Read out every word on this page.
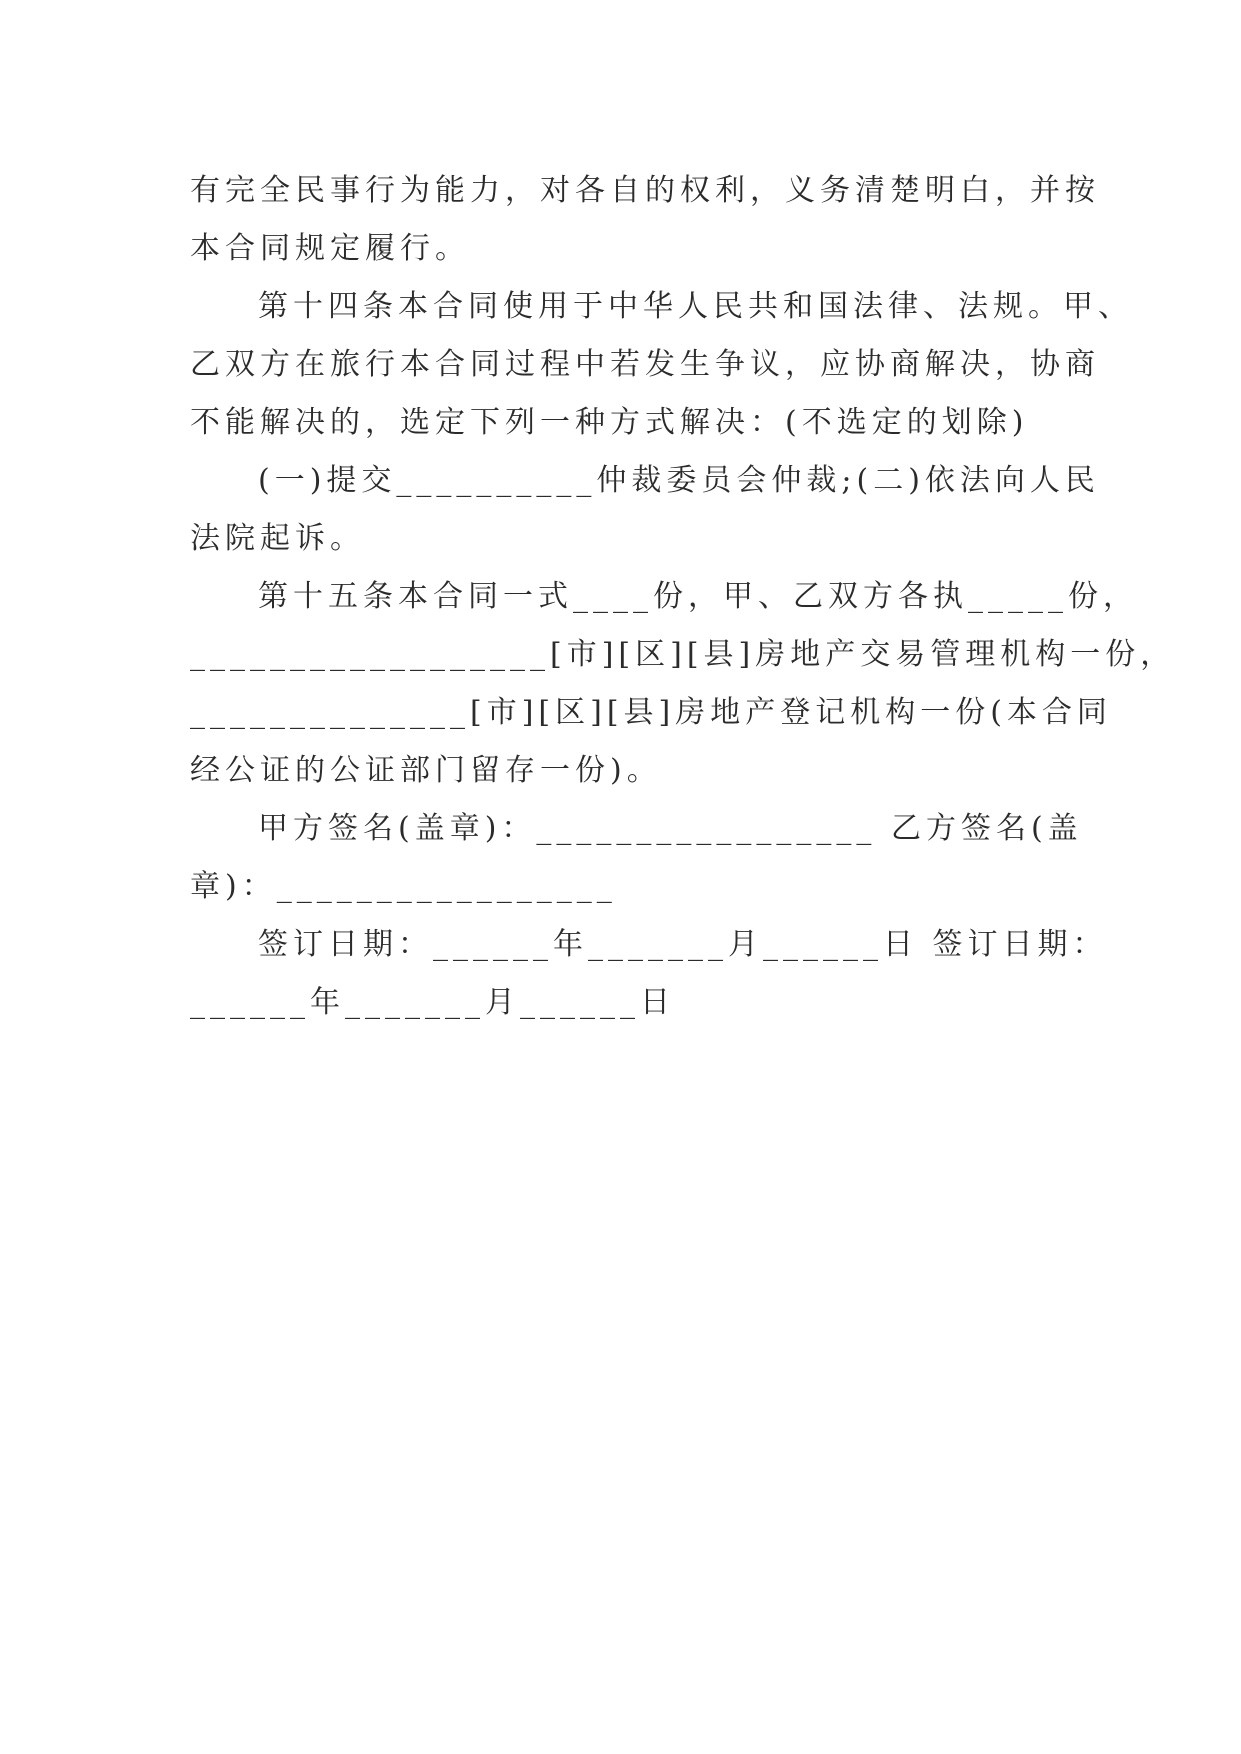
有完全民事行为能力，对各自的权利，义务清楚明白，并按
本合同规定履行。
第十四条本合同使用于中华人民共和国法律、法规。甲、
乙双方在旅行本合同过程中若发生争议，应协商解决，协商
不能解决的，选定下列一种方式解决：(不选定的划除)
(一)提交__________仲裁委员会仲裁;(二)依法向人民
法院起诉。
第十五条本合同一式____份，甲、乙双方各执_____份，
__________________[市][区][县]房地产交易管理机构一份，
______________[市][区][县]房地产登记机构一份(本合同
经公证的公证部门留存一份)。
甲方签名(盖章)：_________________ 乙方签名(盖
章)：_________________
签订日期：______年_______月______日 签订日期：
______年_______月______日
